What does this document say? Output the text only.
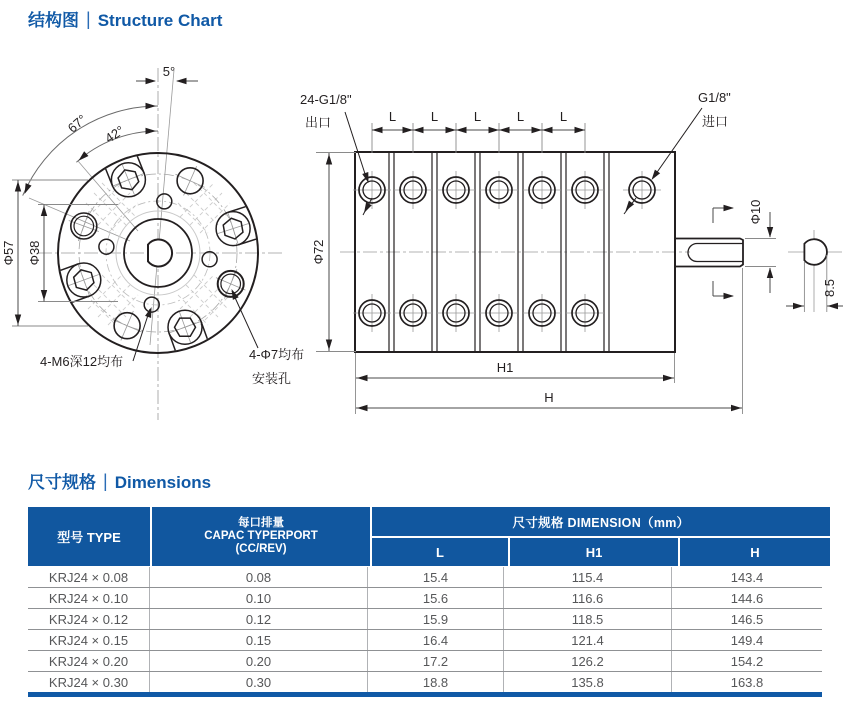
结构图 | Structure Chart
5°
67° 42°
Φ57 Φ38
4-M6深12均布	4-Φ7均布
安装孔
L	L	L	L	L
24-G1/8"
出口
G1/8"
进口
Φ72
Φ10
8.5
H1
H
尺寸规格 | Dimensions
型号 TYPE
每口排量
CAPAC TYPERPORT
(CC/REV)
尺寸规格 DIMENSION（mm）
L	H1	H
KRJ24 × 0.08	0.08	15.4	115.4	143.4
KRJ24 × 0.10	0.10	15.6	116.6	144.6
KRJ24 × 0.12	0.12	15.9	118.5	146.5
KRJ24 × 0.15	0.15	16.4	121.4	149.4
KRJ24 × 0.20	0.20	17.2	126.2	154.2
KRJ24 × 0.30	0.30	18.8	135.8	163.8
